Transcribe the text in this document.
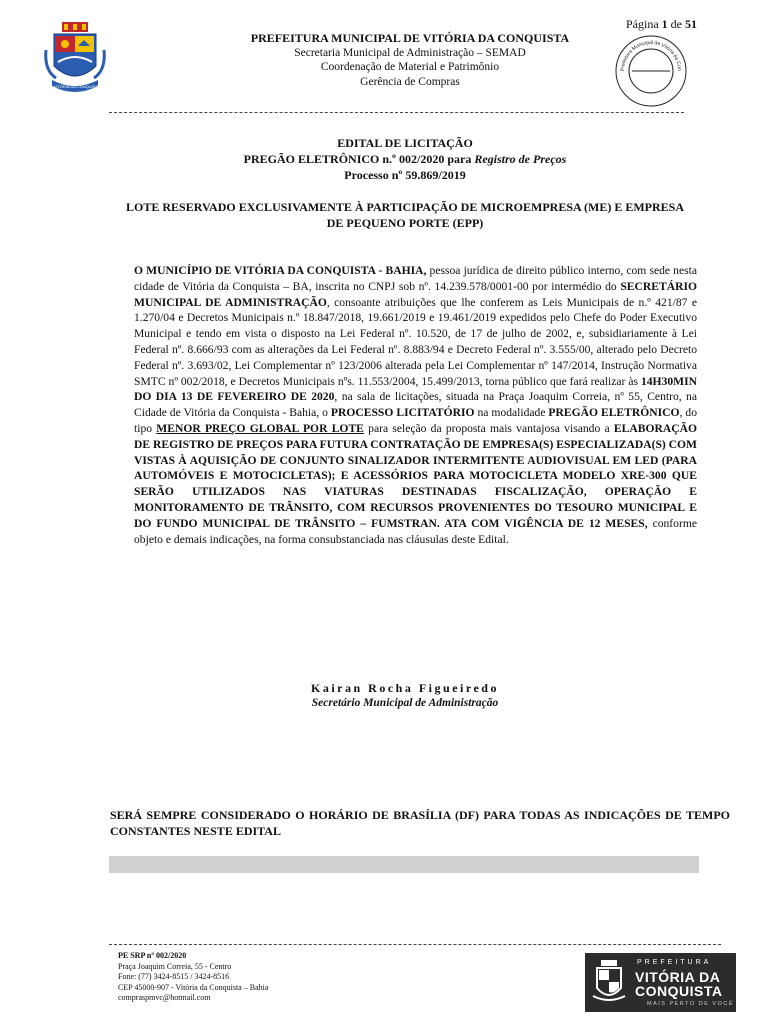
VITÓRIA DA CONQUISTA
Página 1 de 51
PREFEITURA MUNICIPAL DE VITÓRIA DA CONQUISTA
Secretaria Municipal de Administração – SEMAD
Coordenação de Material e Patrimônio
Gerência de Compras
Prefeitura Municipal de Vitória da Con
EDITAL DE LICITAÇÃO
PREGÃO ELETRÔNICO n.º 002/2020 para Registro de Preços
Processo nº 59.869/2019
LOTE RESERVADO EXCLUSIVAMENTE À PARTICIPAÇÃO DE MICROEMPRESA (ME) E EMPRESA DE PEQUENO PORTE (EPP)
O MUNICÍPIO DE VITÓRIA DA CONQUISTA - BAHIA, pessoa jurídica de direito público interno, com sede nesta cidade de Vitória da Conquista – BA, inscrita no CNPJ sob nº. 14.239.578/0001-00 por intermédio do SECRETÁRIO MUNICIPAL DE ADMINISTRAÇÃO, consoante atribuições que lhe conferem as Leis Municipais de n.º 421/87 e 1.270/04 e Decretos Municipais n.º 18.847/2018, 19.661/2019 e 19.461/2019 expedidos pelo Chefe do Poder Executivo Municipal e tendo em vista o disposto na Lei Federal nº. 10.520, de 17 de julho de 2002, e, subsidiariamente à Lei Federal nº. 8.666/93 com as alterações da Lei Federal nº. 8.883/94 e Decreto Federal nº. 3.555/00, alterado pelo Decreto Federal nº. 3.693/02, Lei Complementar nº 123/2006 alterada pela Lei Complementar nº 147/2014, Instrução Normativa SMTC nº 002/2018, e Decretos Municipais nºs. 11.553/2004, 15.499/2013, torna público que fará realizar às 14H30MIN DO DIA 13 DE FEVEREIRO DE 2020, na sala de licitações, situada na Praça Joaquim Correia, nº 55, Centro, na Cidade de Vitória da Conquista - Bahia, o PROCESSO LICITATÓRIO na modalidade PREGÃO ELETRÔNICO, do tipo MENOR PREÇO GLOBAL POR LOTE para seleção da proposta mais vantajosa visando a ELABORAÇÃO DE REGISTRO DE PREÇOS PARA FUTURA CONTRATAÇÃO DE EMPRESA(S) ESPECIALIZADA(S) COM VISTAS À AQUISIÇÃO DE CONJUNTO SINALIZADOR INTERMITENTE AUDIOVISUAL EM LED (PARA AUTOMÓVEIS E MOTOCICLETAS); E ACESSÓRIOS PARA MOTOCICLETA MODELO XRE-300 QUE SERÃO UTILIZADOS NAS VIATURAS DESTINADAS FISCALIZAÇÃO, OPERAÇÃO E MONITORAMENTO DE TRÂNSITO, COM RECURSOS PROVENIENTES DO TESOURO MUNICIPAL E DO FUNDO MUNICIPAL DE TRÂNSITO – FUMSTRAN. ATA COM VIGÊNCIA DE 12 MESES, conforme objeto e demais indicações, na forma consubstanciada nas cláusulas deste Edital.
Kairan Rocha Figueiredo
Secretário Municipal de Administração
SERÁ SEMPRE CONSIDERADO O HORÁRIO DE BRASÍLIA (DF) PARA TODAS AS INDICAÇÕES DE TEMPO CONSTANTES NESTE EDITAL
PE SRP nº 002/2020
Praça Joaquim Correia, 55 - Centro
Fone: (77) 3424-8515 / 3424-8516
CEP 45000-907 - Vitória da Conquista – Bahia
compraspmvc@hotmail.com
PREFEITURA
VITÓRIA DA
CONQUISTA
MAIS PERTO DE VOCÊ
